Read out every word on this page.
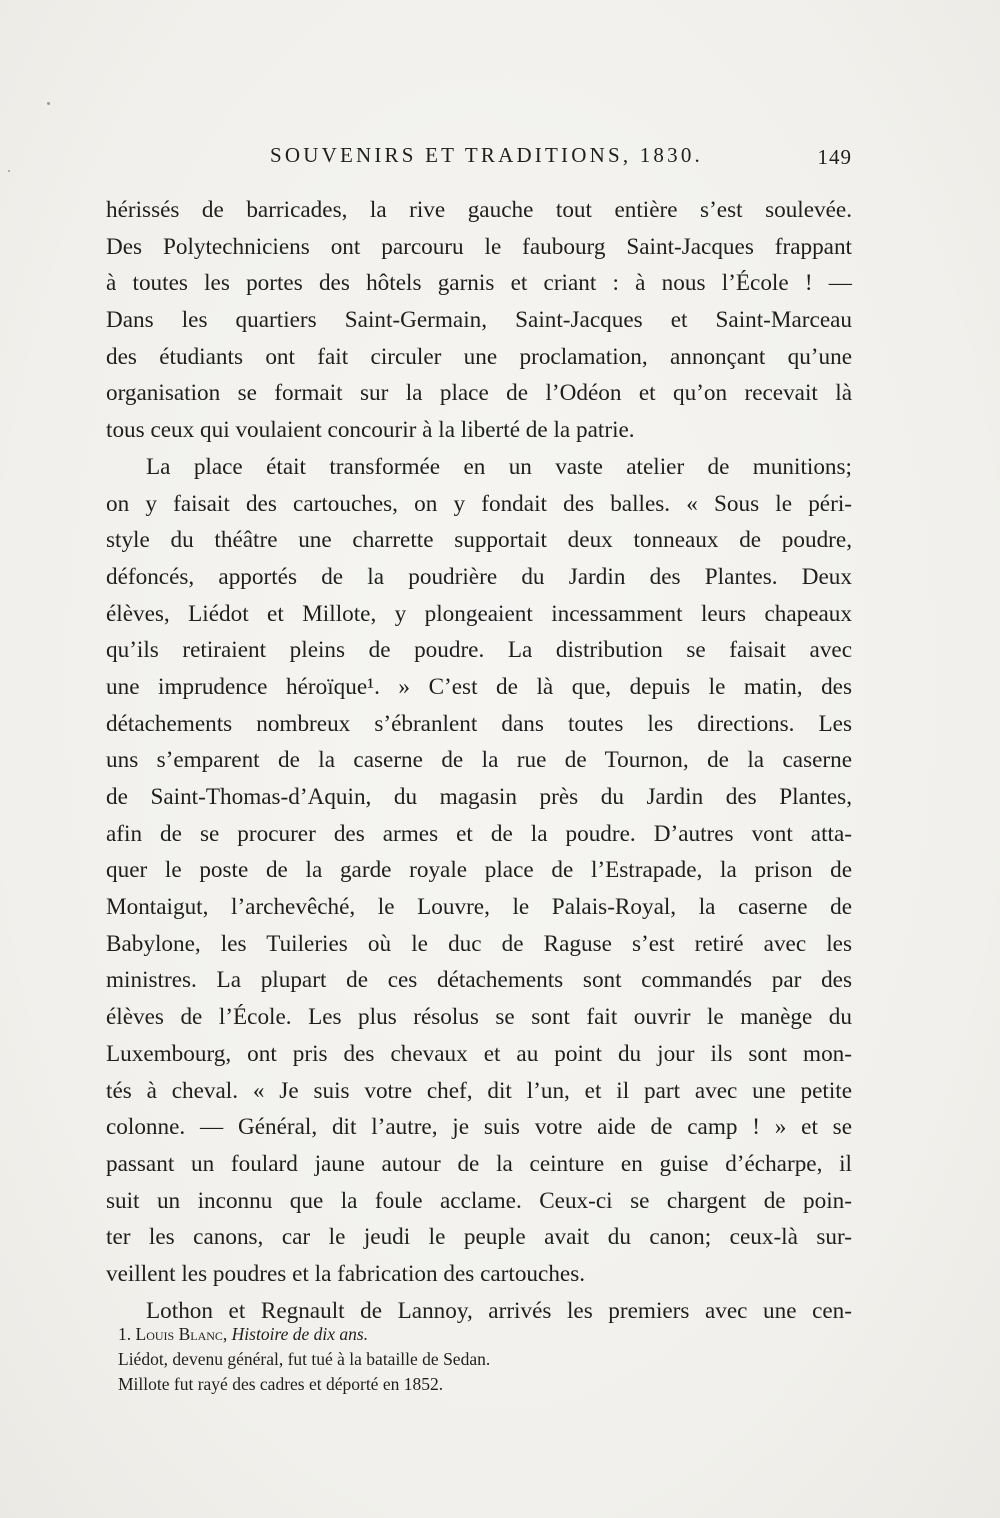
SOUVENIRS ET TRADITIONS, 1830.	149
hérissés de barricades, la rive gauche tout entière s’est soulevée.
Des Polytechniciens ont parcouru le faubourg Saint-Jacques frappant
à toutes les portes des hôtels garnis et criant : à nous l’École ! —
Dans les quartiers Saint-Germain, Saint-Jacques et Saint-Marceau
des étudiants ont fait circuler une proclamation, annonçant qu’une
organisation se formait sur la place de l’Odéon et qu’on recevait là
tous ceux qui voulaient concourir à la liberté de la patrie.
La place était transformée en un vaste atelier de munitions;
on y faisait des cartouches, on y fondait des balles. « Sous le péri-
style du théâtre une charrette supportait deux tonneaux de poudre,
défoncés, apportés de la poudrière du Jardin des Plantes. Deux
élèves, Liédot et Millote, y plongeaient incessamment leurs chapeaux
qu’ils retiraient pleins de poudre. La distribution se faisait avec
une imprudence héroïque¹. » C’est de là que, depuis le matin, des
détachements nombreux s’ébranlent dans toutes les directions. Les
uns s’emparent de la caserne de la rue de Tournon, de la caserne
de Saint-Thomas-d’Aquin, du magasin près du Jardin des Plantes,
afin de se procurer des armes et de la poudre. D’autres vont atta-
quer le poste de la garde royale place de l’Estrapade, la prison de
Montaigut, l’archevêché, le Louvre, le Palais-Royal, la caserne de
Babylone, les Tuileries où le duc de Raguse s’est retiré avec les
ministres. La plupart de ces détachements sont commandés par des
élèves de l’École. Les plus résolus se sont fait ouvrir le manège du
Luxembourg, ont pris des chevaux et au point du jour ils sont mon-
tés à cheval. « Je suis votre chef, dit l’un, et il part avec une petite
colonne. — Général, dit l’autre, je suis votre aide de camp ! » et se
passant un foulard jaune autour de la ceinture en guise d’écharpe, il
suit un inconnu que la foule acclame. Ceux-ci se chargent de poin-
ter les canons, car le jeudi le peuple avait du canon; ceux-là sur-
veillent les poudres et la fabrication des cartouches.
Lothon et Regnault de Lannoy, arrivés les premiers avec une cen-
1. Louis Blanc, Histoire de dix ans.
Liédot, devenu général, fut tué à la bataille de Sedan.
Millote fut rayé des cadres et déporté en 1852.
